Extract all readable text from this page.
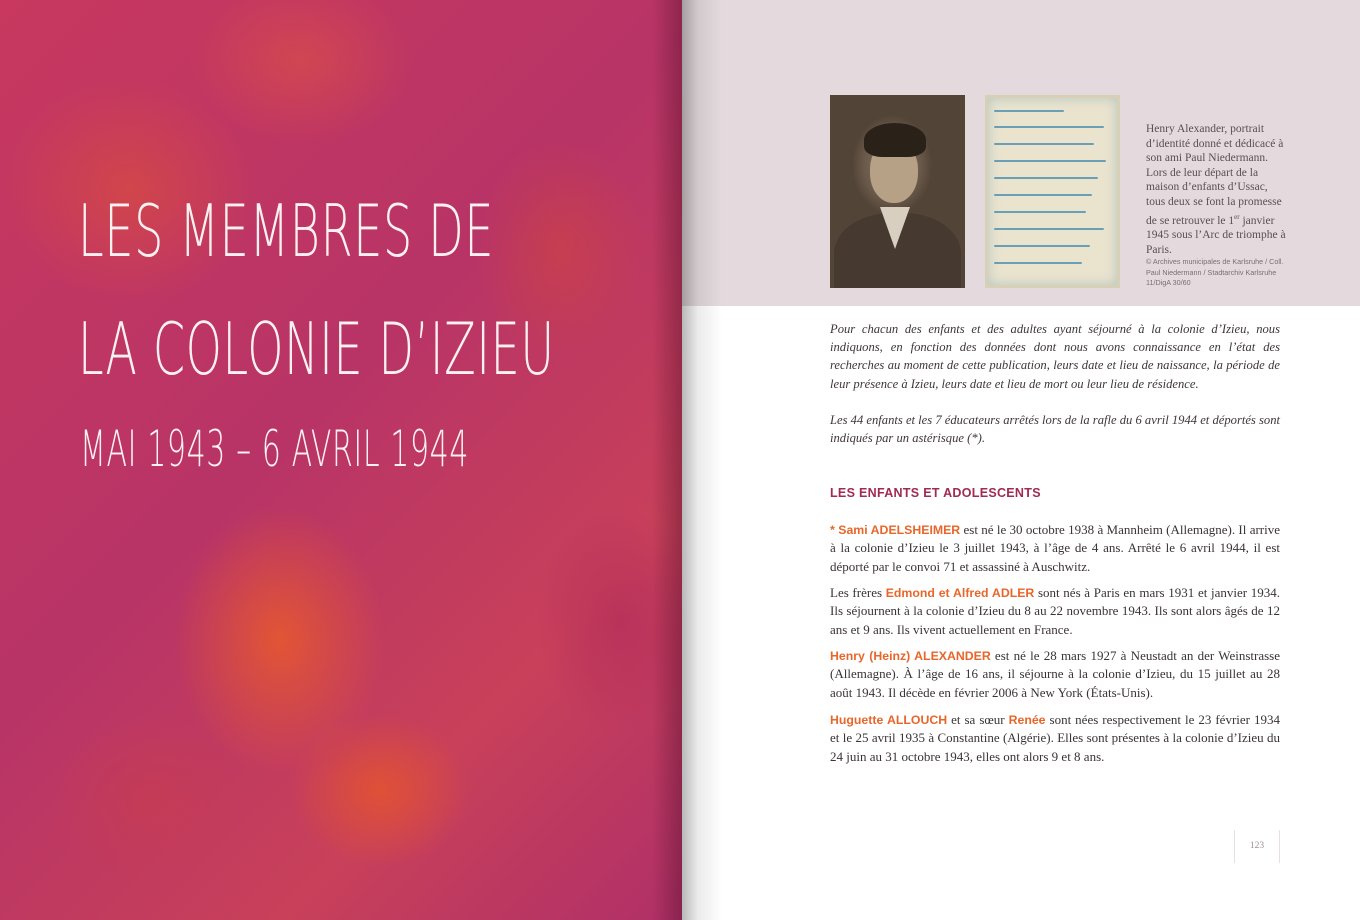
LES MEMBRES DE
LA COLONIE D’IZIEU
MAI 1943 – 6 AVRIL 1944

Henry Alexander, portrait d’identité donné et dédicacé à son ami Paul Niedermann. Lors de leur départ de la maison d’enfants d’Ussac, tous deux se font la promesse de se retrouver le 1er janvier 1945 sous l’Arc de triomphe à Paris.

© Archives municipales de Karlsruhe / Coll. Paul Niedermann / Stadtarchiv Karlsruhe 11/DigA 30/60

Pour chacun des enfants et des adultes ayant séjourné à la colonie d’Izieu, nous indiquons, en fonction des données dont nous avons connaissance en l’état des recherches au moment de cette publication, leurs date et lieu de naissance, la période de leur présence à Izieu, leurs date et lieu de mort ou leur lieu de résidence.

Les 44 enfants et les 7 éducateurs arrêtés lors de la rafle du 6 avril 1944 et déportés sont indiqués par un astérisque (*).

LES ENFANTS ET ADOLESCENTS

* Sami ADELSHEIMER est né le 30 octobre 1938 à Mannheim (Allemagne). Il arrive à la colonie d’Izieu le 3 juillet 1943, à l’âge de 4 ans. Arrêté le 6 avril 1944, il est déporté par le convoi 71 et assassiné à Auschwitz.

Les frères Edmond et Alfred ADLER sont nés à Paris en mars 1931 et janvier 1934. Ils séjournent à la colonie d’Izieu du 8 au 22 novembre 1943. Ils sont alors âgés de 12 ans et 9 ans. Ils vivent actuellement en France.

Henry (Heinz) ALEXANDER est né le 28 mars 1927 à Neustadt an der Weinstrasse (Allemagne). À l’âge de 16 ans, il séjourne à la colonie d’Izieu, du 15 juillet au 28 août 1943. Il décède en février 2006 à New York (États-Unis).

Huguette ALLOUCH et sa sœur Renée sont nées respectivement le 23 février 1934 et le 25 avril 1935 à Constantine (Algérie). Elles sont présentes à la colonie d’Izieu du 24 juin au 31 octobre 1943, elles ont alors 9 et 8 ans.

123
